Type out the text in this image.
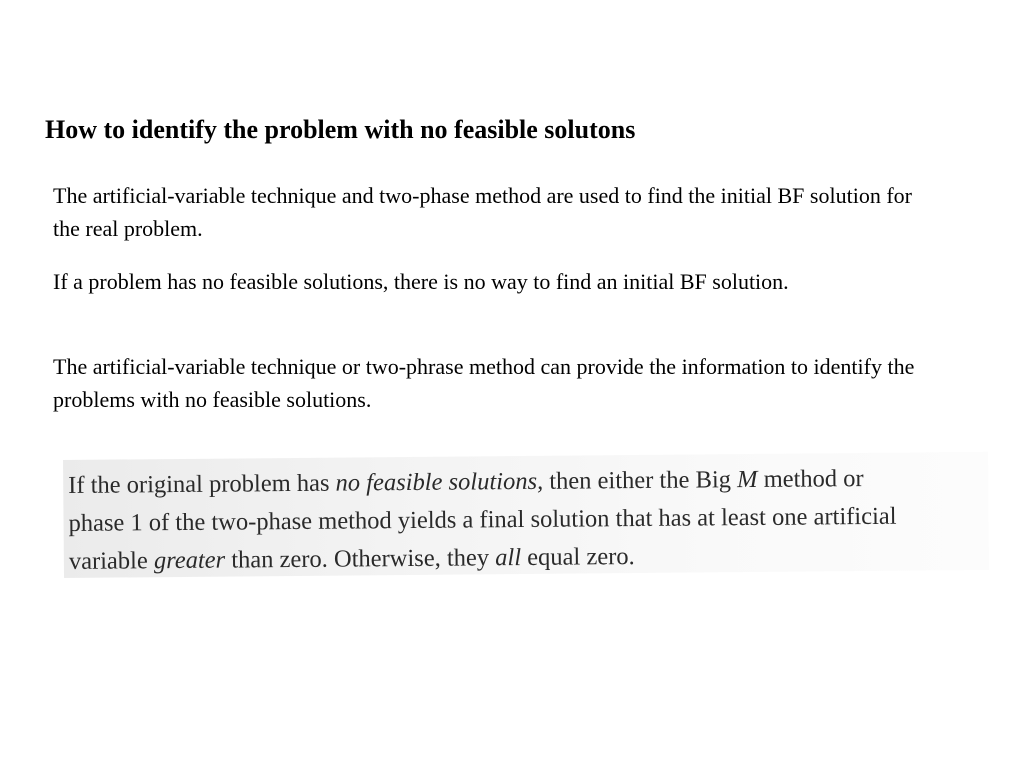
How to identify the problem with no feasible solutons

The artificial-variable technique and two-phase method are used to find the initial BF solution for the real problem.

If a problem has no feasible solutions, there is no way to find an initial BF solution.

The artificial-variable technique or two-phrase method can provide the information to identify the problems with no feasible solutions.

If the original problem has no feasible solutions, then either the Big M method or
phase 1 of the two-phase method yields a final solution that has at least one artificial
variable greater than zero. Otherwise, they all equal zero.
